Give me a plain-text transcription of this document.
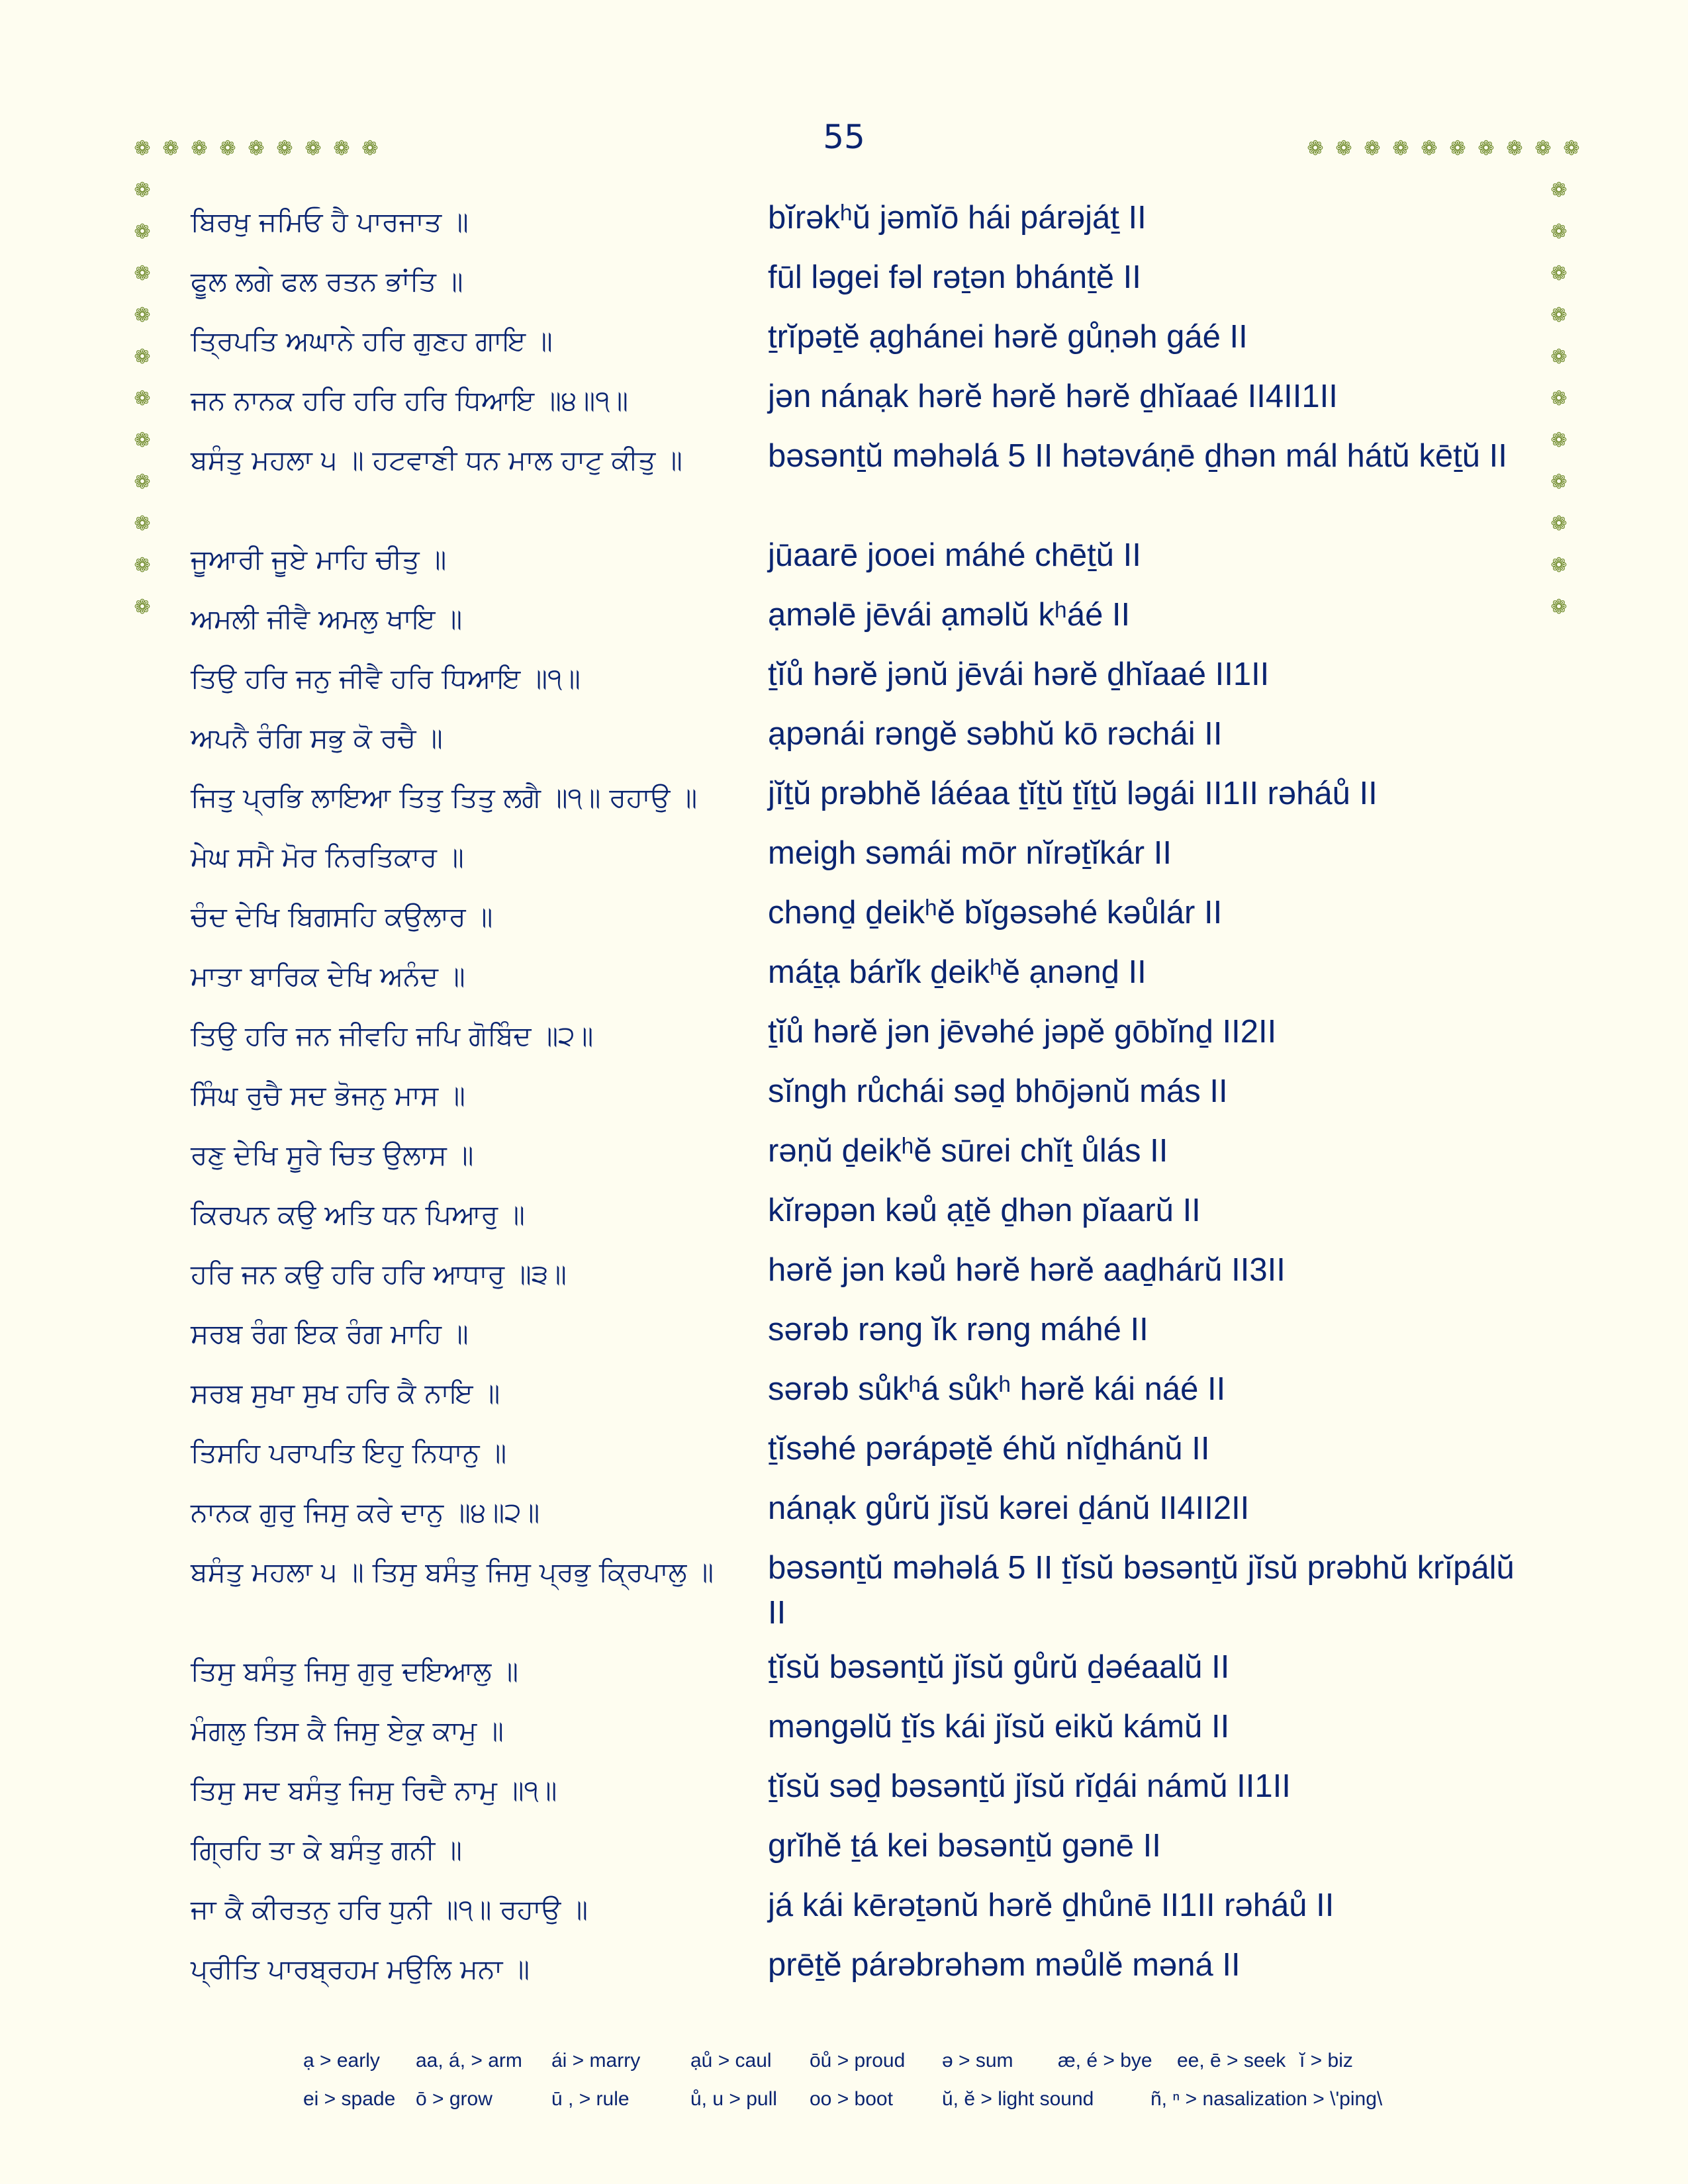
55
❁ ❁ ❁ ❁ ❁ ❁ ❁ ❁ ❁	❁ ❁ ❁ ❁ ❁ ❁ ❁ ❁ ❁ ❁
❁
❁
❁
❁
❁
❁
❁
❁
❁
❁
❁
❁
❁
❁
❁
❁
❁
❁
❁
❁
❁
❁
ਬਿਰਖੁ ਜਮਿਓ ਹੈ ਪਾਰਜਾਤ ॥	bĭrəkʰŭ jəmĭō hái párəjáṯ II
ਫੂਲ ਲਗੇ ਫਲ ਰਤਨ ਭਾਂਤਿ ॥	fūl ləgei fəl rəṯən bhánṯĕ II
ਤ੍ਰਿਪਤਿ ਅਘਾਨੇ ਹਰਿ ਗੁਣਹ ਗਾਇ ॥	ṯrĭpəṯĕ ạghánei hərĕ gůṇəh gáé II
ਜਨ ਨਾਨਕ ਹਰਿ ਹਰਿ ਹਰਿ ਧਿਆਇ ॥੪॥੧॥	jən nánạk hərĕ hərĕ hərĕ ḏhĭaaé II4II1II
ਬਸੰਤੁ ਮਹਲਾ ੫ ॥ ਹਟਵਾਣੀ ਧਨ ਮਾਲ ਹਾਟੁ ਕੀਤੁ ॥	bəsənṯŭ məhəlá 5 II hətəváṇē ḏhən mál hátŭ kēṯŭ II
ਜੂਆਰੀ ਜੂਏ ਮਾਹਿ ਚੀਤੁ ॥	jūaarē jooei máhé chēṯŭ II
ਅਮਲੀ ਜੀਵੈ ਅਮਲੁ ਖਾਇ ॥	ạməlē jēvái ạməlŭ kʰáé II
ਤਿਉ ਹਰਿ ਜਨੁ ਜੀਵੈ ਹਰਿ ਧਿਆਇ ॥੧॥	ṯĭů hərĕ jənŭ jēvái hərĕ ḏhĭaaé II1II
ਅਪਨੈ ਰੰਗਿ ਸਭੁ ਕੋ ਰਚੈ ॥	ạpənái rəngĕ səbhŭ kō rəchái II
ਜਿਤੁ ਪ੍ਰਭਿ ਲਾਇਆ ਤਿਤੁ ਤਿਤੁ ਲਗੈ ॥੧॥ ਰਹਾਉ ॥	jĭṯŭ prəbhĕ láéaa ṯĭṯŭ ṯĭṯŭ ləgái II1II rəháů II
ਮੇਘ ਸਮੈ ਮੋਰ ਨਿਰਤਿਕਾਰ ॥	meigh səmái mōr nĭrəṯĭkár II
ਚੰਦ ਦੇਖਿ ਬਿਗਸਹਿ ਕਉਲਾਰ ॥	chənḏ ḏeikʰĕ bĭgəsəhé kəůlár II
ਮਾਤਾ ਬਾਰਿਕ ਦੇਖਿ ਅਨੰਦ ॥	máṯạ bárĭk ḏeikʰĕ ạnənḏ II
ਤਿਉ ਹਰਿ ਜਨ ਜੀਵਹਿ ਜਪਿ ਗੋਬਿੰਦ ॥੨॥	ṯĭů hərĕ jən jēvəhé jəpĕ gōbĭnḏ II2II
ਸਿੰਘ ਰੁਚੈ ਸਦ ਭੋਜਨੁ ਮਾਸ ॥	sĭngh růchái səḏ bhōjənŭ más II
ਰਣੁ ਦੇਖਿ ਸੂਰੇ ਚਿਤ ਉਲਾਸ ॥	rəṇŭ ḏeikʰĕ sūrei chĭṯ ůlás II
ਕਿਰਪਨ ਕਉ ਅਤਿ ਧਨ ਪਿਆਰੁ ॥	kĭrəpən kəů ạṯĕ ḏhən pĭaarŭ II
ਹਰਿ ਜਨ ਕਉ ਹਰਿ ਹਰਿ ਆਧਾਰੁ ॥੩॥	hərĕ jən kəů hərĕ hərĕ aaḏhárŭ II3II
ਸਰਬ ਰੰਗ ਇਕ ਰੰਗ ਮਾਹਿ ॥	sərəb rəng ĭk rəng máhé II
ਸਰਬ ਸੁਖਾ ਸੁਖ ਹਰਿ ਕੈ ਨਾਇ ॥	sərəb sůkʰá sůkʰ hərĕ kái náé II
ਤਿਸਹਿ ਪਰਾਪਤਿ ਇਹੁ ਨਿਧਾਨੁ ॥	ṯĭsəhé pərápəṯĕ éhŭ nĭḏhánŭ II
ਨਾਨਕ ਗੁਰੁ ਜਿਸੁ ਕਰੇ ਦਾਨੁ ॥੪॥੨॥	nánạk gůrŭ jĭsŭ kərei ḏánŭ II4II2II
ਬਸੰਤੁ ਮਹਲਾ ੫ ॥ ਤਿਸੁ ਬਸੰਤੁ ਜਿਸੁ ਪ੍ਰਭੁ ਕ੍ਰਿਪਾਲੁ ॥	bəsənṯŭ məhəlá 5 II ṯĭsŭ bəsənṯŭ jĭsŭ prəbhŭ krĭpálŭ II
ਤਿਸੁ ਬਸੰਤੁ ਜਿਸੁ ਗੁਰੁ ਦਇਆਲੁ ॥	ṯĭsŭ bəsənṯŭ jĭsŭ gůrŭ ḏəéaalŭ II
ਮੰਗਲੁ ਤਿਸ ਕੈ ਜਿਸੁ ਏਕੁ ਕਾਮੁ ॥	məngəlŭ ṯĭs kái jĭsŭ eikŭ kámŭ II
ਤਿਸੁ ਸਦ ਬਸੰਤੁ ਜਿਸੁ ਰਿਦੈ ਨਾਮੁ ॥੧॥	ṯĭsŭ səḏ bəsənṯŭ jĭsŭ rĭḏái námŭ II1II
ਗ੍ਰਿਹਿ ਤਾ ਕੇ ਬਸੰਤੁ ਗਨੀ ॥	grĭhĕ ṯá kei bəsənṯŭ gənē II
ਜਾ ਕੈ ਕੀਰਤਨੁ ਹਰਿ ਧੁਨੀ ॥੧॥ ਰਹਾਉ ॥	já kái kērəṯənŭ hərĕ ḏhůnē II1II rəháů II
ਪ੍ਰੀਤਿ ਪਾਰਬ੍ਰਹਮ ਮਉਲਿ ਮਨਾ ॥	prēṯĕ párəbrəhəm məůlĕ məná II
ạ > early	aa, á, > arm	ái > marry	ạů > caul	ōů > proud	ə > sum	æ, é > bye	ee, ē > seek ĭ > biz
ei > spade	ō > grow	ū , > rule	ů, u > pull	oo > boot	ŭ, ĕ > light sound	ñ, ⁿ > nasalization > \'ping\
